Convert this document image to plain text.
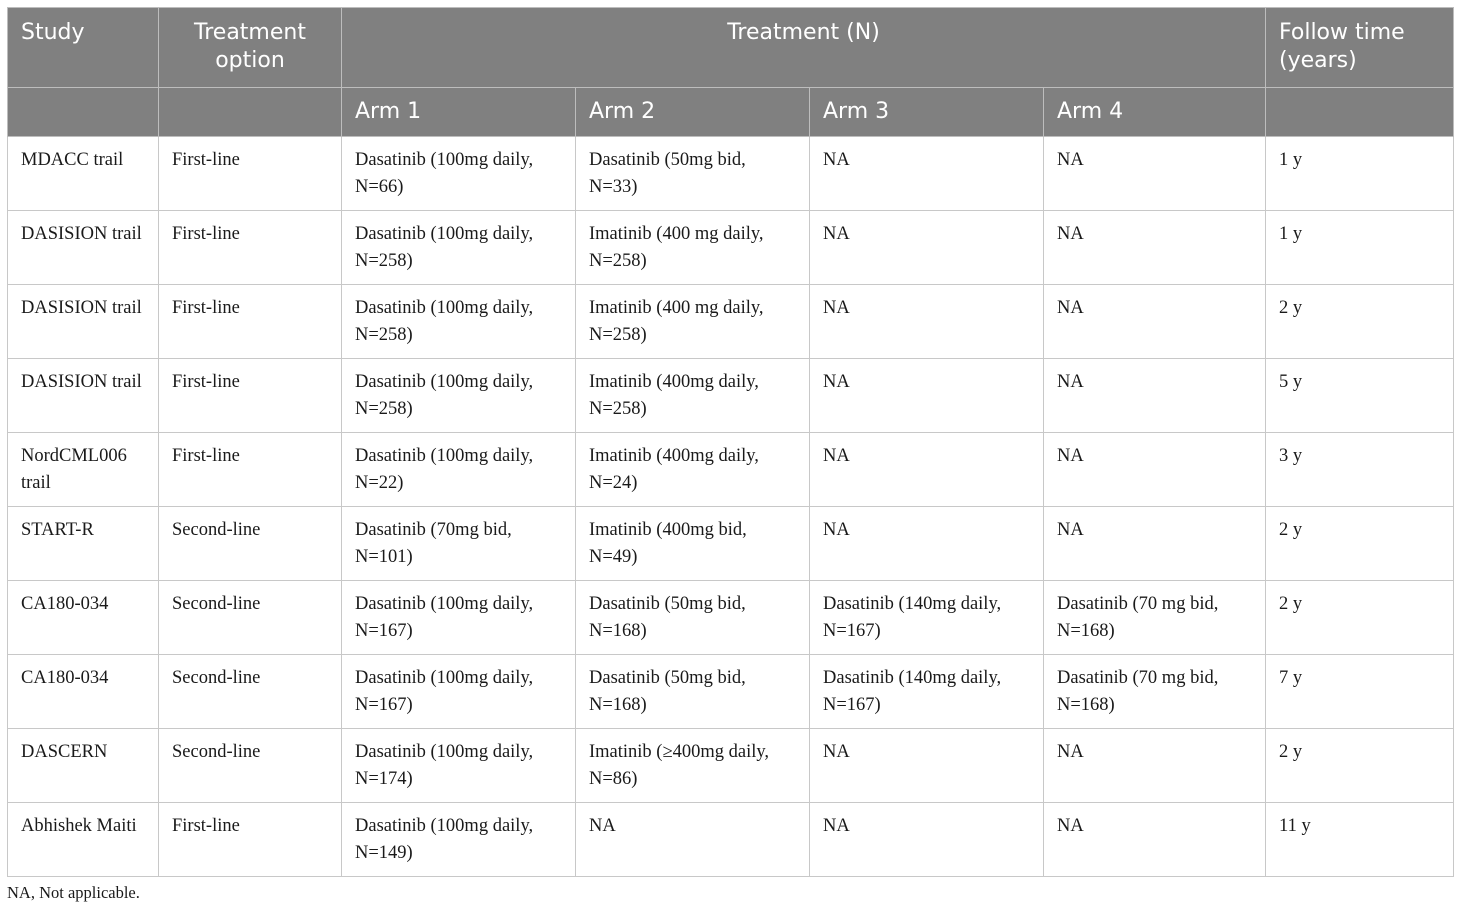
Study	Treatment option	Treatment (N)				Follow time (years)
		Arm 1	Arm 2	Arm 3	Arm 4	
MDACC trail	First-line	Dasatinib (100mg daily, N=66)	Dasatinib (50mg bid, N=33)	NA	NA	1 y
DASISION trail	First-line	Dasatinib (100mg daily, N=258)	Imatinib (400 mg daily, N=258)	NA	NA	1 y
DASISION trail	First-line	Dasatinib (100mg daily, N=258)	Imatinib (400 mg daily, N=258)	NA	NA	2 y
DASISION trail	First-line	Dasatinib (100mg daily, N=258)	Imatinib (400mg daily, N=258)	NA	NA	5 y
NordCML006 trail	First-line	Dasatinib (100mg daily, N=22)	Imatinib (400mg daily, N=24)	NA	NA	3 y
START-R	Second-line	Dasatinib (70mg bid, N=101)	Imatinib (400mg bid, N=49)	NA	NA	2 y
CA180-034	Second-line	Dasatinib (100mg daily, N=167)	Dasatinib (50mg bid, N=168)	Dasatinib (140mg daily, N=167)	Dasatinib (70 mg bid, N=168)	2 y
CA180-034	Second-line	Dasatinib (100mg daily, N=167)	Dasatinib (50mg bid, N=168)	Dasatinib (140mg daily, N=167)	Dasatinib (70 mg bid, N=168)	7 y
DASCERN	Second-line	Dasatinib (100mg daily, N=174)	Imatinib (≥400mg daily, N=86)	NA	NA	2 y
Abhishek Maiti	First-line	Dasatinib (100mg daily, N=149)	NA	NA	NA	11 y
NA, Not applicable.
